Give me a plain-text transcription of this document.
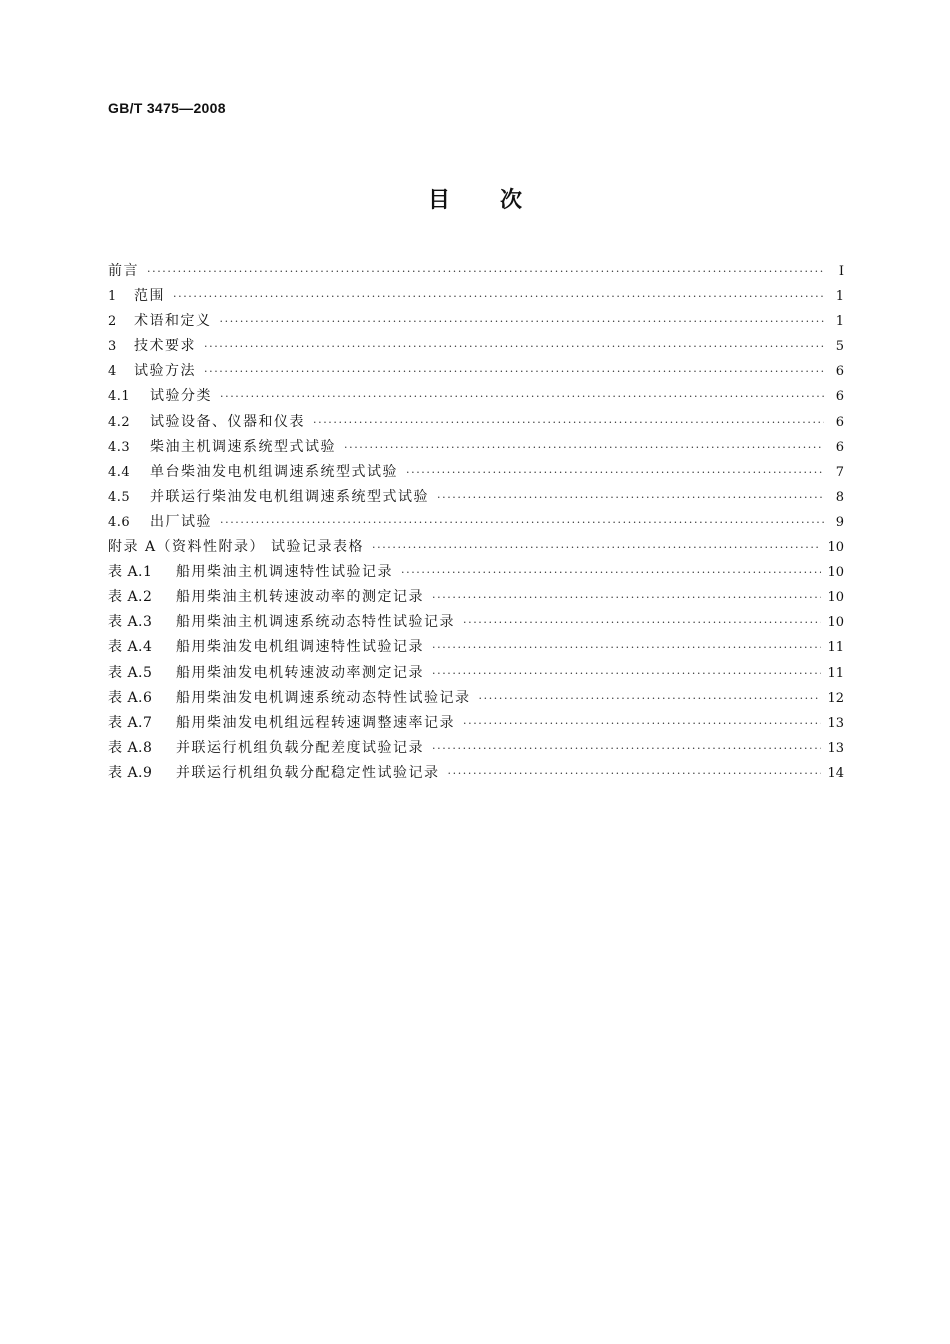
GB/T 3475—2008
目 次
前言 ·····	I
1	范围 ·····	1
2	术语和定义 ·····	1
3	技术要求 ·····	5
4	试验方法 ·····	6
4.1	试验分类 ·····	6
4.2	试验设备、仪器和仪表 ·····	6
4.3	柴油主机调速系统型式试验 ·····	6
4.4	单台柴油发电机组调速系统型式试验 ·····	7
4.5	并联运行柴油发电机组调速系统型式试验 ·····	8
4.6	出厂试验 ·····	9
附录 A（资料性附录） 试验记录表格 ·····	10
表 A.1	船用柴油主机调速特性试验记录 ·····	10
表 A.2	船用柴油主机转速波动率的测定记录 ·····	10
表 A.3	船用柴油主机调速系统动态特性试验记录 ·····	10
表 A.4	船用柴油发电机组调速特性试验记录 ·····	11
表 A.5	船用柴油发电机转速波动率测定记录 ·····	11
表 A.6	船用柴油发电机调速系统动态特性试验记录 ·····	12
表 A.7	船用柴油发电机组远程转速调整速率记录 ·····	13
表 A.8	并联运行机组负载分配差度试验记录 ·····	13
表 A.9	并联运行机组负载分配稳定性试验记录 ·····	14
